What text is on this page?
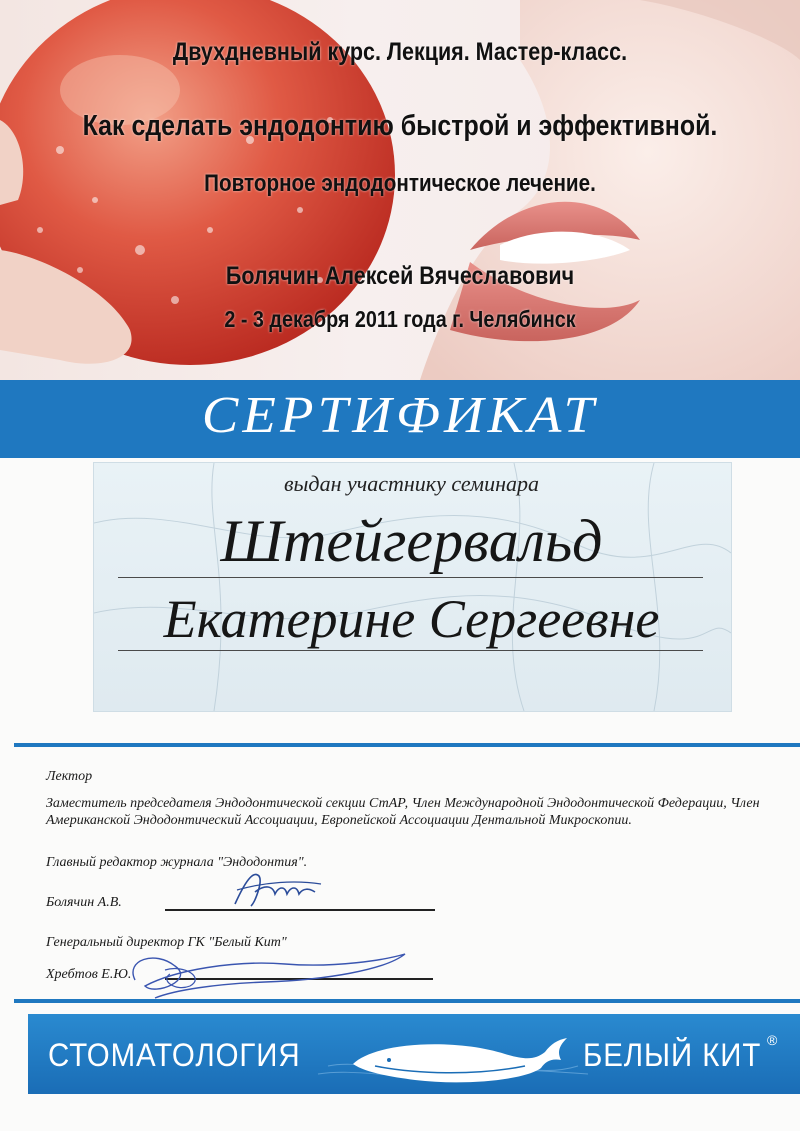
Двухдневный курс. Лекция. Мастер-класс.
Как сделать эндодонтию быстрой и эффективной.
Повторное эндодонтическое лечение.
Болячин Алексей Вячеславович
2 - 3 декабря 2011 года г. Челябинск
СЕРТИФИКАТ
выдан участнику семинара
Штейгервальд
Екатерине Сергеевне
Лектор
Заместитель председателя Эндодонтической секции СтАР, Член Международной Эндодонтической Федерации, Член Американской Эндодонтический Ассоциации, Европейской Ассоциации Дентальной Микроскопии.
Главный редактор журнала "Эндодонтия".
Болячин А.В.
Генеральный директор ГК "Белый Кит"
Хребтов Е.Ю.
СТОМАТОЛОГИЯ	БЕЛЫЙ КИТ ®
